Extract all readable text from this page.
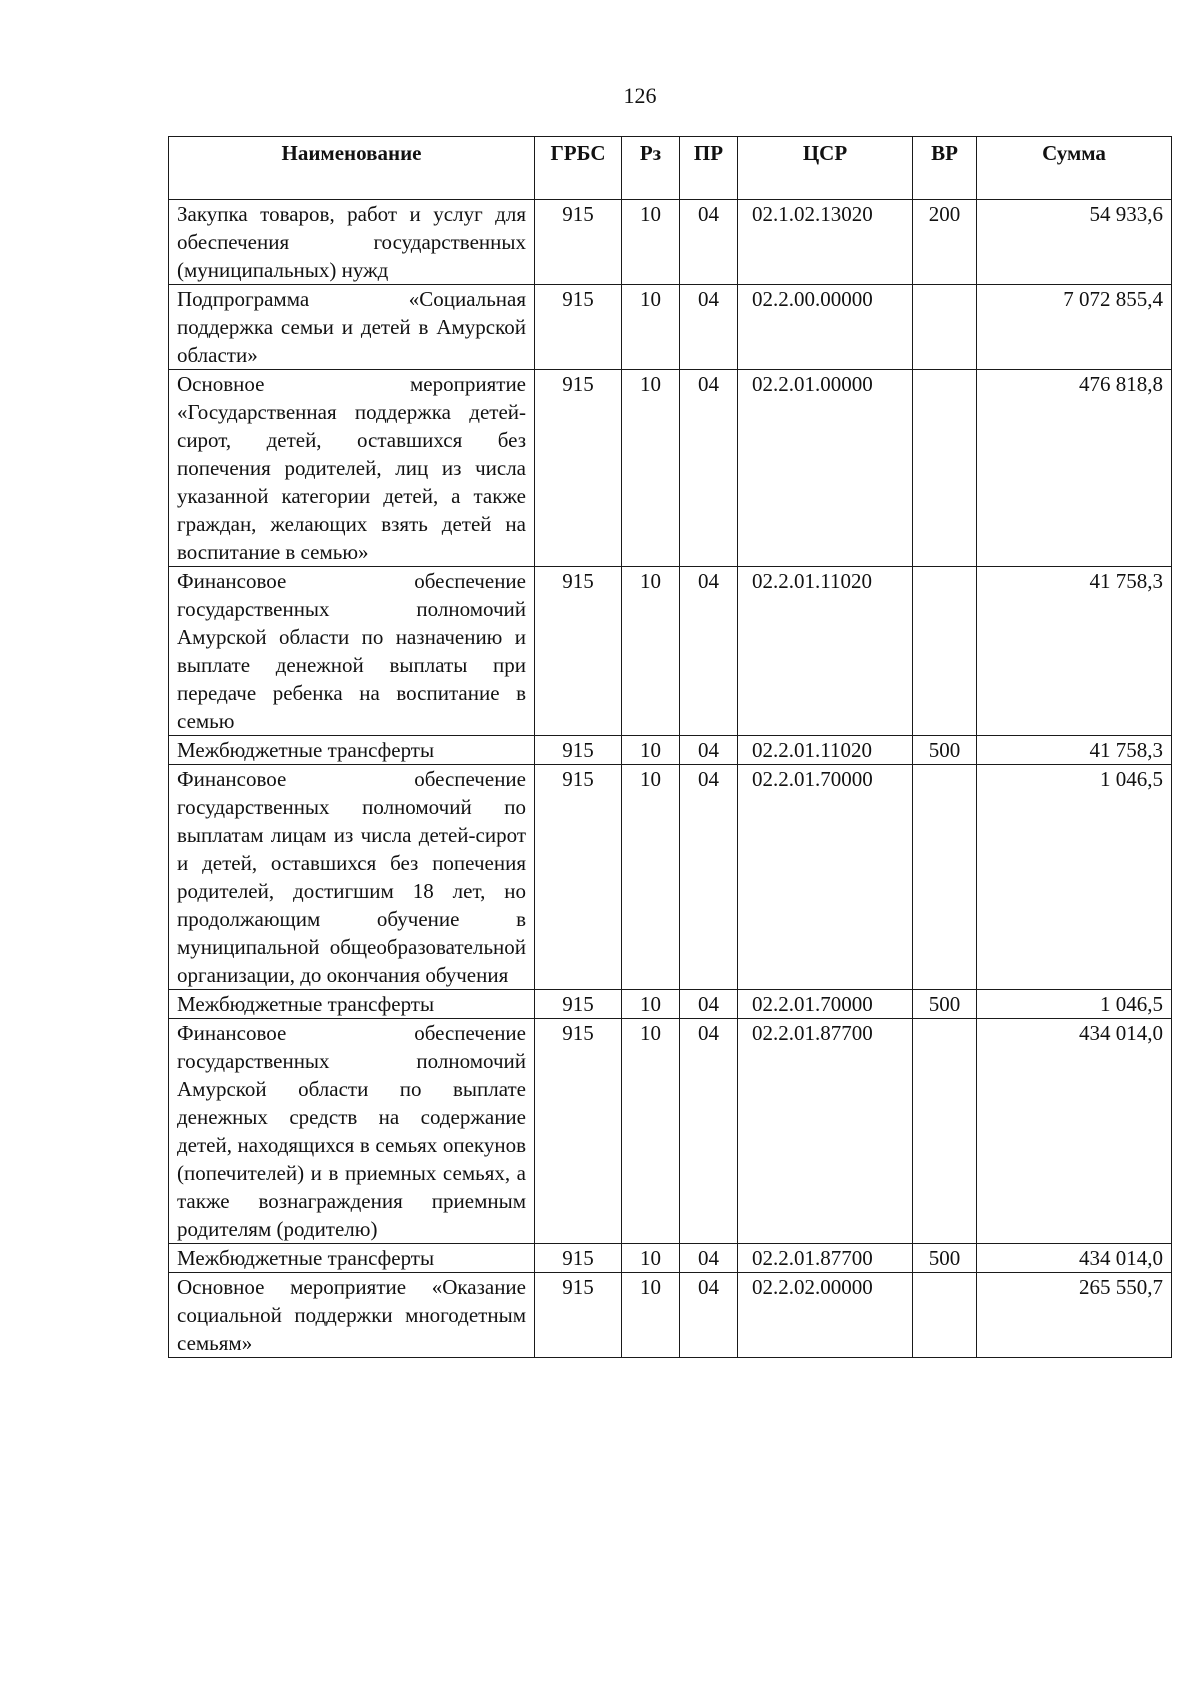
126
Наименование	ГРБС	Рз	ПР	ЦСР	ВР	Сумма
Закупка товаров, работ и услуг для обеспечения государственных (муниципальных) нужд	915	10	04	02.1.02.13020	200	54 933,6
Подпрограмма «Социальная поддержка семьи и детей в Амурской области»	915	10	04	02.2.00.00000		7 072 855,4
Основное мероприятие «Государственная поддержка детей-сирот, детей, оставшихся без попечения родителей, лиц из числа указанной категории детей, а также граждан, желающих взять детей на воспитание в семью»	915	10	04	02.2.01.00000		476 818,8
Финансовое обеспечение государственных полномочий Амурской области по назначению и выплате денежной выплаты при передаче ребенка на воспитание в семью	915	10	04	02.2.01.11020		41 758,3
Межбюджетные трансферты	915	10	04	02.2.01.11020	500	41 758,3
Финансовое обеспечение государственных полномочий по выплатам лицам из числа детей-сирот и детей, оставшихся без попечения родителей, достигшим 18 лет, но продолжающим обучение в муниципальной общеобразовательной организации, до окончания обучения	915	10	04	02.2.01.70000		1 046,5
Межбюджетные трансферты	915	10	04	02.2.01.70000	500	1 046,5
Финансовое обеспечение государственных полномочий Амурской области по выплате денежных средств на содержание детей, находящихся в семьях опекунов (попечителей) и в приемных семьях, а также вознаграждения приемным родителям (родителю)	915	10	04	02.2.01.87700		434 014,0
Межбюджетные трансферты	915	10	04	02.2.01.87700	500	434 014,0
Основное мероприятие «Оказание социальной поддержки многодетным семьям»	915	10	04	02.2.02.00000		265 550,7
